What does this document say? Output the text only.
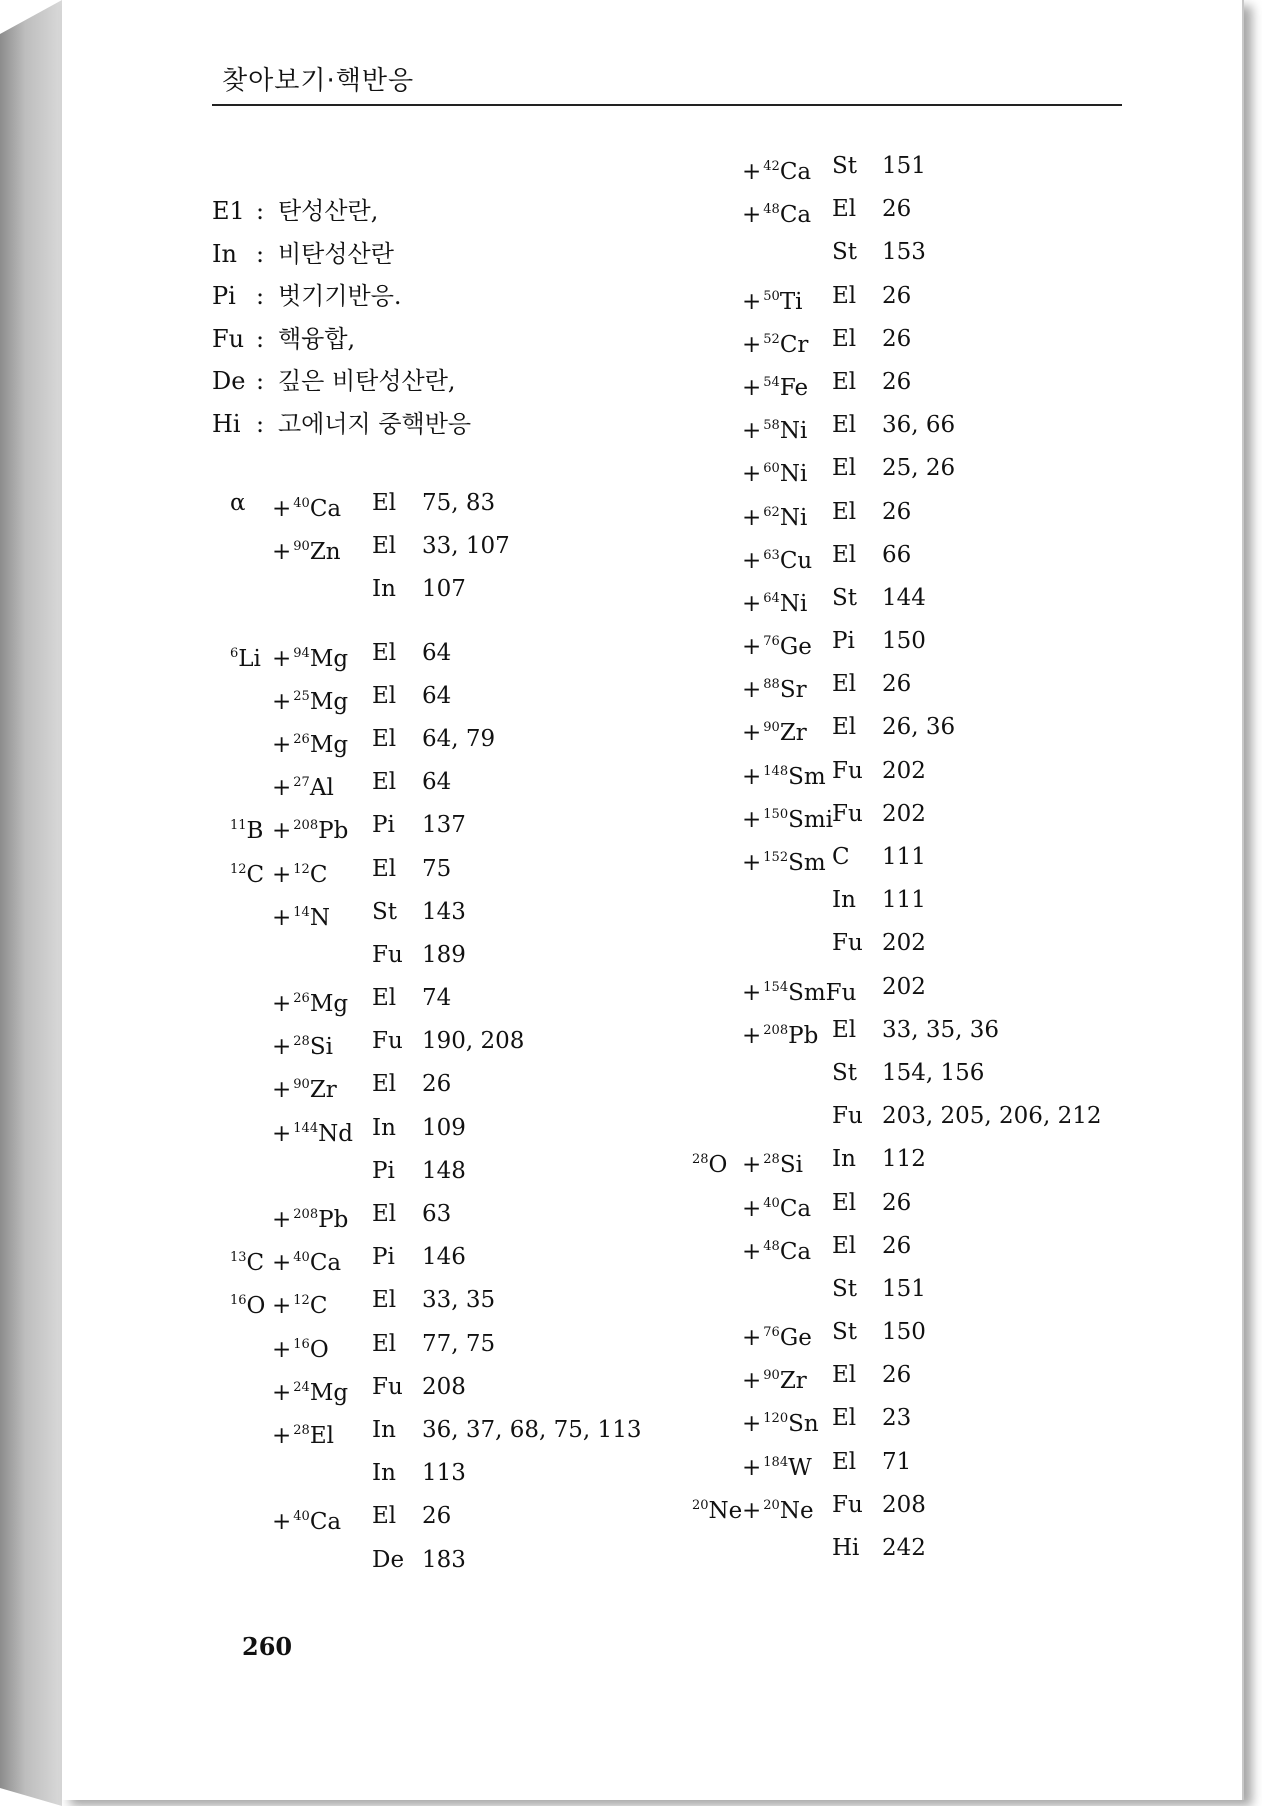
찾아보기·핵반응
E1 : 탄성산란,
In : 비탄성산란
Pi : 벗기기반응.
Fu : 핵융합,
De : 깊은 비탄성산란,
Hi : 고에너지 중핵반응
α + $^{40}$Ca El 75, 83
+ $^{90}$Zn El 33, 107
In 107
$^6$Li + $^{94}$Mg El 64
+ $^{25}$Mg El 64
+ $^{26}$Mg El 64, 79
+ $^{27}$Al El 64
$^{11}$B + $^{208}$Pb Pi 137
$^{12}$C + $^{12}$C El 75
+ $^{14}$N St 143
Fu 189
+ $^{26}$Mg El 74
+ $^{28}$Si Fu 190, 208
+ $^{90}$Zr El 26
+ $^{144}$Nd In 109
Pi 148
+ $^{208}$Pb El 63
$^{13}$C + $^{40}$Ca Pi 146
$^{16}$O + $^{12}$C El 33, 35
+ $^{16}$O El 77, 75
+ $^{24}$Mg Fu 208
+ $^{28}$El In 36, 37, 68, 75, 113
In 113
+ $^{40}$Ca El 26
De 183
+ $^{42}$Ca St 151
+ $^{48}$Ca El 26
St 153
+ $^{50}$Ti El 26
+ $^{52}$Cr El 26
+ $^{54}$Fe El 26
+ $^{58}$Ni El 36, 66
+ $^{60}$Ni El 25, 26
+ $^{62}$Ni El 26
+ $^{63}$Cu El 66
+ $^{64}$Ni St 144
+ $^{76}$Ge Pi 150
+ $^{88}$Sr El 26
+ $^{90}$Zr El 26, 36
+ $^{148}$Sm Fu 202
+ $^{150}$Smi
Fu 202
+ $^{152}$Sm C 111
In 111
Fu 202
+ $^{154}$SmFu 202
+ $^{208}$Pb El 33, 35, 36
St 154, 156
Fu 203, 205, 206, 212
$^{28}$O + $^{28}$Si In 112
+ $^{40}$Ca El 26
+ $^{48}$Ca El 26
St 151
+ $^{76}$Ge St 150
+ $^{90}$Zr El 26
+ $^{120}$Sn El 23
+ $^{184}$W El 71
$^{20}$Ne + $^{20}$Ne Fu 208
Hi 242
260
